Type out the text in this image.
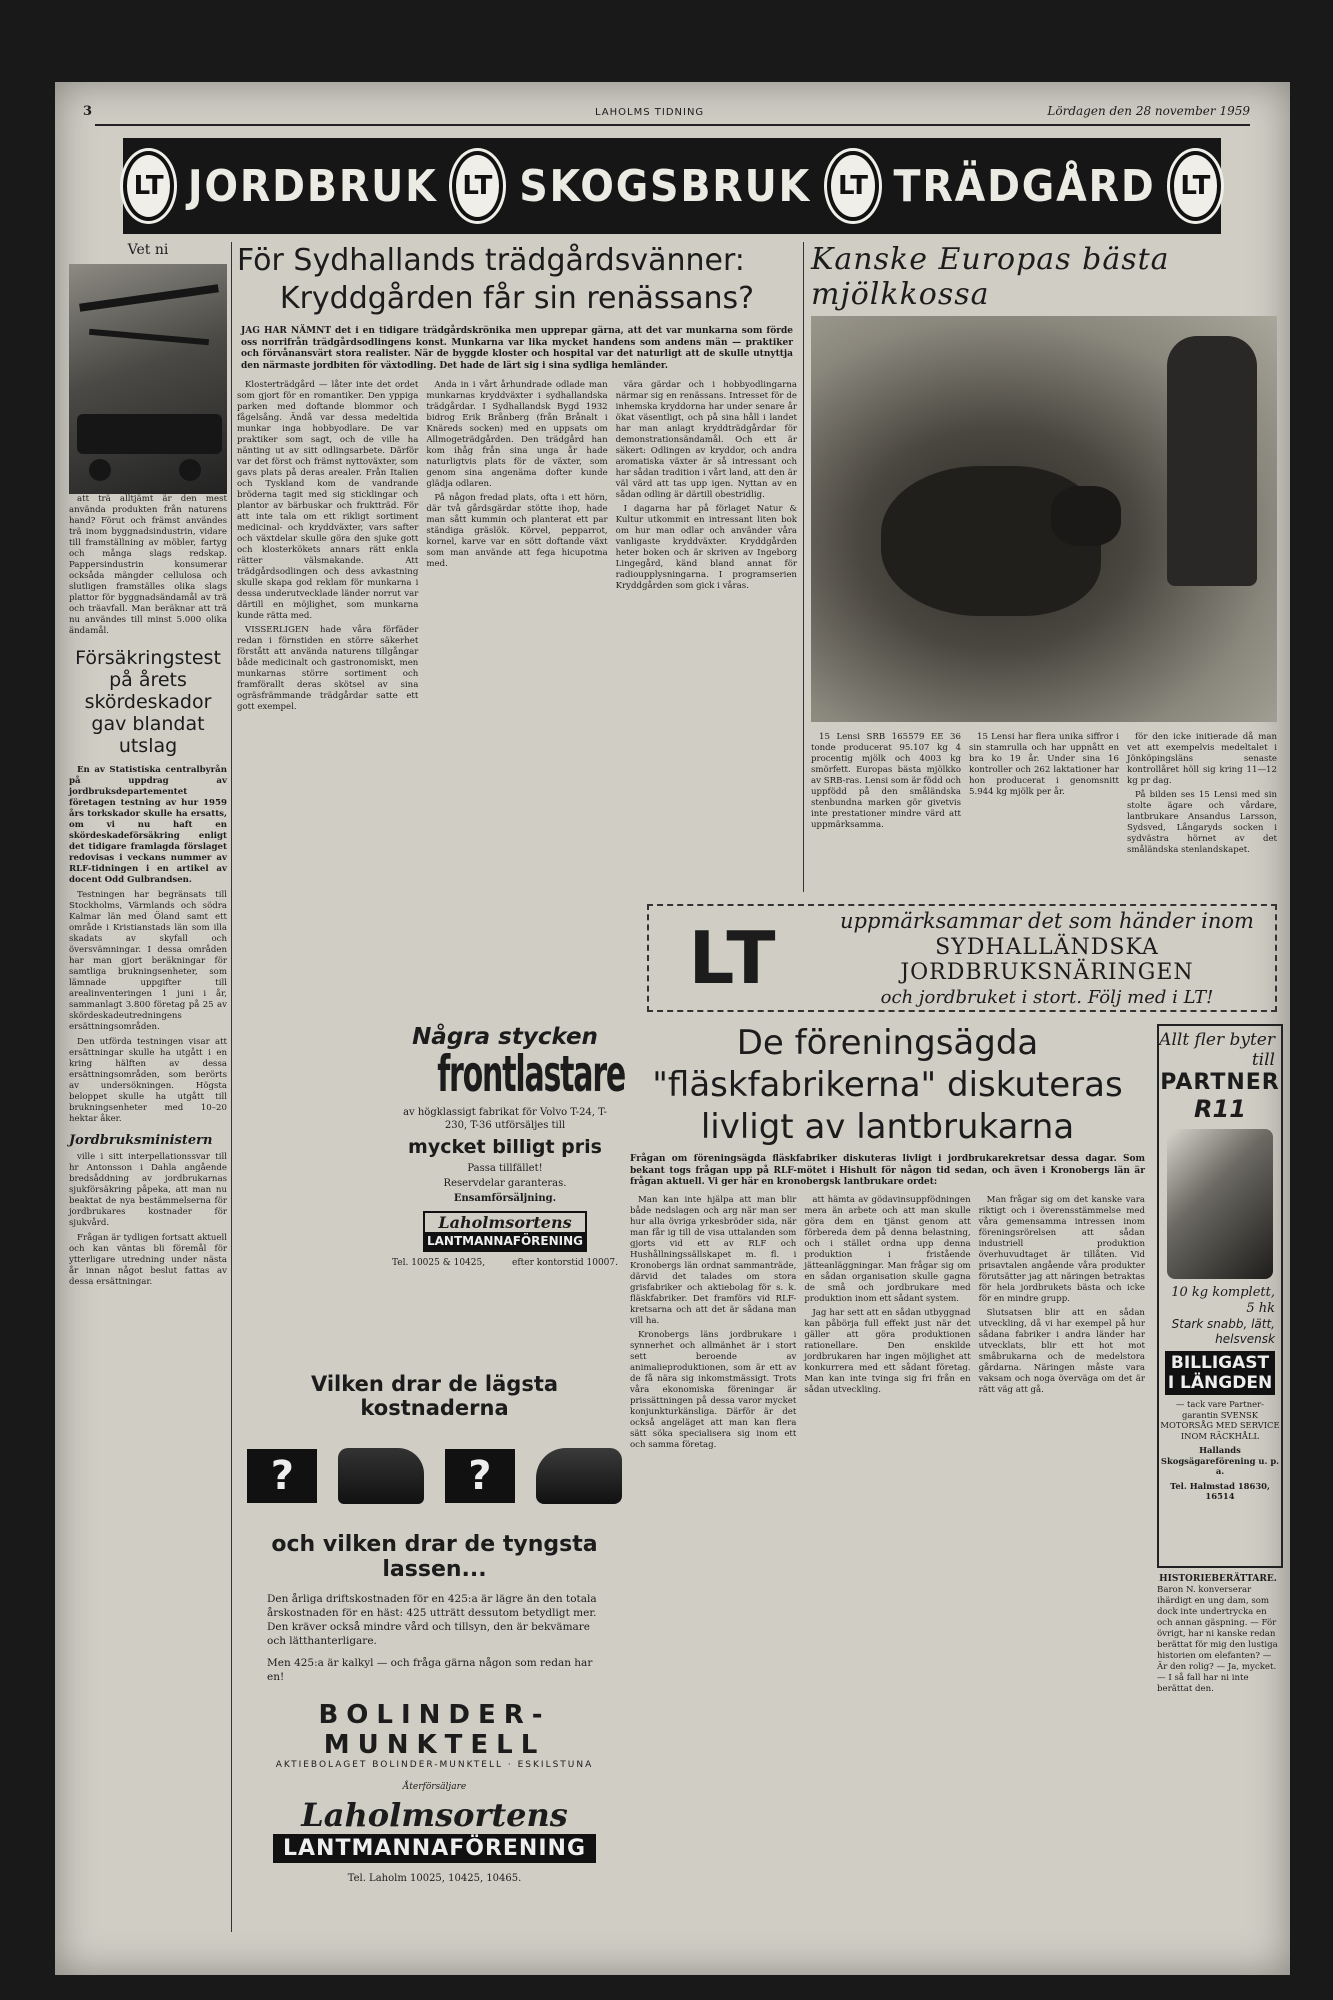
3	LAHOLMS TIDNING	Lördagen den 28 november 1959
LT JORDBRUK LT SKOGSBRUK	LT TRÄDGÅRD LT
Vet ni

att trä alltjämt är den mest använda produkten från naturens hand? Förut och främst användes trä inom byggnadsindustrin, vidare till framställning av möbler, fartyg och många slags redskap. Pappersindustrin konsumerar ocksåda mängder cellulosa och slutligen framställes olika slags plattor för byggnadsändamål av trä och träavfall. Man beräknar att trä nu användes till minst 5.000 olika ändamål.

Försäkringstest på årets skördeskador gav blandat utslag

En av Statistiska centralbyrån på uppdrag av jordbruksdepartementet företagen testning av hur 1959 års torkskador skulle ha ersatts, om vi nu haft en skördeskadeförsäkring enligt det tidigare framlagda förslaget redovisas i veckans nummer av RLF-tidningen i en artikel av docent Odd Gulbrandsen.

Testningen har begränsats till Stockholms, Värmlands och södra Kalmar län med Öland samt ett område i Kristianstads län som illa skadats av skyfall och översvämningar. I dessa områden har man gjort beräkningar för samtliga brukningsenheter, som lämnade uppgifter till arealinventeringen 1 juni i år, sammanlagt 3.800 företag på 25 av skördeskadeutredningens ersättningsområden.

Den utförda testningen visar att ersättningar skulle ha utgått i en kring hälften av dessa ersättningsområden, som berörts av undersökningen. Högsta beloppet skulle ha utgått till brukningsenheter med 10–20 hektar åker.

Jordbruksministern

ville i sitt interpellationssvar till hr Antonsson i Dahla angående bredsåddning av jordbrukarnas sjukförsäkring påpeka, att man nu beaktat de nya bestämmelserna för jordbrukares kostnader för sjukvård.

Frågan är tydligen fortsatt aktuell och kan väntas bli föremål för ytterligare utredning under nästa år innan något beslut fattas av dessa ersättningar.

För Sydhallands trädgårdsvänner:
Kryddgården får sin renässans?
JAG HAR NÄMNT det i en tidigare trädgårdskrönika men upprepar gärna, att det var munkarna som förde oss norrifrån trädgårdsodlingens konst. Munkarna var lika mycket handens som andens män — praktiker och förvånansvärt stora realister. När de byggde kloster och hospital var det naturligt att de skulle utnyttja den närmaste jordbiten för växtodling. Det hade de lärt sig i sina sydliga hemländer.

Klosterträdgård — låter inte det ordet som gjort för en romantiker. Den yppiga parken med doftande blommor och fågelsång. Ändå var dessa medeltida munkar inga hobbyodlare. De var praktiker som sagt, och de ville ha nänting ut av sitt odlingsarbete. Därför var det först och främst nyttoväxter, som gavs plats på deras arealer. Från Italien och Tyskland kom de vandrande bröderna tagit med sig sticklingar och plantor av bärbuskar och fruktträd. För att inte tala om ett rikligt sortiment medicinal- och kryddväxter, vars safter och växtdelar skulle göra den sjuke gott och klosterkökets annars rätt enkla rätter välsmakande. Att trädgårdsodlingen och dess avkastning skulle skapa god reklam för munkarna i dessa underutvecklade länder norrut var därtill en möjlighet, som munkarna kunde rätta med.

VISSERLIGEN hade våra förfäder redan i förnstiden en större säkerhet förstått att använda naturens tillgångar både medicinalt och gastronomiskt, men munkarnas större sortiment och framförallt deras skötsel av sina ogräsfrämmande trädgårdar satte ett gott exempel.

Anda in i vårt århundrade odlade man munkarnas kryddväxter i sydhallandska trädgårdar. I Sydhallandsk Bygd 1932 bidrog Erik Brånberg (från Brånalt i Knäreds socken) med en uppsats om Allmogeträdgården. Den trädgård han kom ihåg från sina unga år hade naturligtvis plats för de växter, som genom sina angenäma dofter kunde glädja odlaren.

På någon fredad plats, ofta i ett hörn, där två gårdsgärdar stötte ihop, hade man sått kummin och planterat ett par ständiga gräslök. Körvel, pepparrot, kornel, karve var en sött doftande växt som man använde att fega hicupotma med.

vära gärdar och i hobbyodlingarna närmar sig en renässans. Intresset för de inhemska kryddorna har under senare år ökat väsentligt, och på sina håll i landet har man anlagt kryddträdgårdar för demonstrationsändamål. Och ett är säkert: Odlingen av kryddor, och andra aromatiska växter är så intressant och har sådan tradition i vårt land, att den är väl värd att tas upp igen. Nyttan av en sådan odling är därtill obestridlig.

I dagarna har på förlaget Natur & Kultur utkommit en intressant liten bok om hur man odlar och använder våra vanligaste kryddväxter. Kryddgården heter boken och är skriven av Ingeborg Lingegård, känd bland annat för radioupplysningarna. I programserien Kryddgården som gick i våras.

Kanske Europas bästa mjölkkossa

15 Lensi SRB 165579 EE 36 tonde producerat 95.107 kg 4 procentig mjölk och 4003 kg smörfett. Europas bästa mjölkko av SRB-ras. Lensi som är född och uppfödd på den småländska stenbundna marken gör givetvis inte prestationer mindre värd att uppmärksamma.

15 Lensi har flera unika siffror i sin stamrulla och har uppnått en bra ko 19 år. Under sina 16 kontroller och 262 laktationer har hon producerat i genomsnitt 5.944 kg mjölk per år.

för den icke initierade då man vet att exempelvis medeltalet i Jönköpingsläns senaste kontrollåret höll sig kring 11—12 kg pr dag.

På bilden ses 15 Lensi med sin stolte ägare och vårdare, lantbrukare Ansandus Larsson, Sydsved, Långaryds socken i sydvästra hörnet av det småländska stenlandskapet.

LT	uppmärksammar det som händer inom
SYDHALLÄNDSKA JORDBRUKSNÄRINGEN
och jordbruket i stort. Följ med i LT!
Några stycken
frontlastare
av högklassigt fabrikat för Volvo T-24, T-230, T-36 utförsäljes till
mycket billigt pris
Passa tillfället!
Reservdelar garanteras.
Ensamförsäljning.
Laholmsortens
LANTMANNAFÖRENING
Tel. 10025 & 10425,	efter kontorstid 10007.
De föreningsägda "fläskfabrikerna" diskuteras livligt av lantbrukarna
Frågan om föreningsägda fläskfabriker diskuteras livligt i jordbrukarekretsar dessa dagar. Som bekant togs frågan upp på RLF-mötet i Hishult för någon tid sedan, och även i Kronobergs län är frågan aktuell. Vi ger här en kronobergsk lantbrukare ordet:

Man kan inte hjälpa att man blir både nedslagen och arg när man ser hur alla övriga yrkesbröder sida, när man får ig till de visa uttalanden som gjorts vid ett av RLF och Hushållningssällskapet m. fl. i Kronobergs län ordnat sammanträde, därvid det talades om stora grisfabriker och aktiebolag för s. k. fläskfabriker. Det framförs vid RLF-kretsarna och att det är sådana man vill ha.

Kronobergs läns jordbrukare i synnerhet och allmänhet är i stort sett beroende av animalieproduktionen, som är ett av de få nära sig inkomstmässigt. Trots våra ekonomiska föreningar är prissättningen på dessa varor mycket konjunkturkänsliga. Därför är det också angeläget att man kan flera sätt söka specialisera sig inom ett och samma företag.

att hämta av gödavinsuppfödningen mera än arbete och att man skulle göra dem en tjänst genom att förbereda dem på denna belastning, och i stället ordna upp denna produktion i fristående jätteanläggningar. Man frågar sig om en sådan organisation skulle gagna de små och jordbrukare med produktion inom ett sådant system.

Jag har sett att en sådan utbyggnad kan påbörja full effekt just när det gäller att göra produktionen rationellare. Den enskilde jordbrukaren har ingen möjlighet att konkurrera med ett sådant företag. Man kan inte tvinga sig fri från en sådan utveckling.

Man frågar sig om det kanske vara riktigt och i överensstämmelse med våra gemensamma intressen inom föreningsrörelsen att sådan industriell produktion överhuvudtaget är tillåten. Vid prisavtalen angående våra produkter förutsätter jag att näringen betraktas för hela jordbrukets bästa och icke för en mindre grupp.

Slutsatsen blir att en sådan utveckling, då vi har exempel på hur sådana fabriker i andra länder har utvecklats, blir ett hot mot småbrukarna och de medelstora gårdarna. Näringen måste vara vaksam och noga överväga om det är rätt väg att gå.

Allt fler byter till
PARTNER
R11
10 kg komplett, 5 hk
Stark snabb, lätt, helsvensk
BILLIGAST I LÄNGDEN
— tack vare Partner-garantin SVENSK MOTORSÅG MED SERVICE INOM RÄCKHÅLL
Hallands Skogsägareförening u. p. a.
Tel. Halmstad 18630, 16514
HISTORIEBERÄTTARE.
Baron N. konverserar ihärdigt en ung dam, som dock inte undertrycka en och annan gäspning. — För övrigt, har ni kanske redan berättat för mig den lustiga historien om elefanten? — Är den rolig? — Ja, mycket. — I så fall har ni inte berättat den.
Vilken drar de lägsta kostnaderna
?	?
och vilken drar de tyngsta lassen...
Den årliga driftskostnaden för en 425:a är lägre än den totala årskostnaden för en häst: 425 utträtt dessutom betydligt mer. Den kräver också mindre vård och tillsyn, den är bekvämare och lätthanterligare.
Men 425:a är kalkyl — och fråga gärna någon som redan har en!
BOLINDER-MUNKTELL
AKTIEBOLAGET BOLINDER-MUNKTELL · ESKILSTUNA
Återförsäljare
Laholmsortens
LANTMANNAFÖRENING
Tel. Laholm 10025, 10425, 10465.
